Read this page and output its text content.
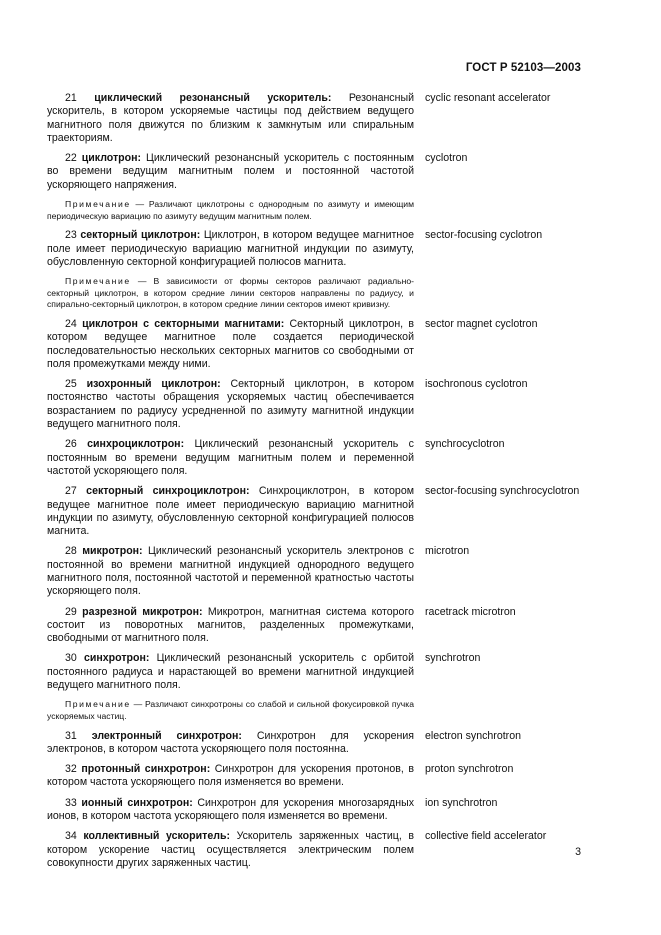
ГОСТ Р 52103—2003
21 циклический резонансный ускоритель: Резонансный ускоритель, в котором ускоряемые частицы под действием ведущего магнитного поля движутся по близким к замкнутым или спиральным траекториям.
cyclic resonant accelerator
22 циклотрон: Циклический резонансный ускоритель с постоянным во времени ведущим магнитным полем и постоянной частотой ускоряющего напряжения.
cyclotron
Примечание — Различают циклотроны с однородным по азимуту и имеющим периодическую вариацию по азимуту ведущим магнитным полем.
23 секторный циклотрон: Циклотрон, в котором ведущее магнитное поле имеет периодическую вариацию магнитной индукции по азимуту, обусловленную секторной конфигурацией полюсов магнита.
sector-focusing cyclotron
Примечание — В зависимости от формы секторов различают радиально-секторный циклотрон, в котором средние линии секторов направлены по радиусу, и спирально-секторный циклотрон, в котором средние линии секторов имеют кривизну.
24 циклотрон с секторными магнитами: Секторный циклотрон, в котором ведущее магнитное поле создается периодической последовательностью нескольких секторных магнитов со свободными от поля промежутками между ними.
sector magnet cyclotron
25 изохронный циклотрон: Секторный циклотрон, в котором постоянство частоты обращения ускоряемых частиц обеспечивается возрастанием по радиусу усредненной по азимуту магнитной индукции ведущего магнитного поля.
isochronous cyclotron
26 синхроциклотрон: Циклический резонансный ускоритель с постоянным во времени ведущим магнитным полем и переменной частотой ускоряющего поля.
synchrocyclotron
27 секторный синхроциклотрон: Синхроциклотрон, в котором ведущее магнитное поле имеет периодическую вариацию магнитной индукции по азимуту, обусловленную секторной конфигурацией полюсов магнита.
sector-focusing synchrocyclotron
28 микротрон: Циклический резонансный ускоритель электронов с постоянной во времени магнитной индукцией однородного ведущего магнитного поля, постоянной частотой и переменной кратностью частоты ускоряющего поля.
microtron
29 разрезной микротрон: Микротрон, магнитная система которого состоит из поворотных магнитов, разделенных промежутками, свободными от магнитного поля.
racetrack microtron
30 синхротрон: Циклический резонансный ускоритель с орбитой постоянного радиуса и нарастающей во времени магнитной индукцией ведущего магнитного поля.
synchrotron
Примечание — Различают синхротроны со слабой и сильной фокусировкой пучка ускоряемых частиц.
31 электронный синхротрон: Синхротрон для ускорения электронов, в котором частота ускоряющего поля постоянна.
electron synchrotron
32 протонный синхротрон: Синхротрон для ускорения протонов, в котором частота ускоряющего поля изменяется во времени.
proton synchrotron
33 ионный синхротрон: Синхротрон для ускорения многозарядных ионов, в котором частота ускоряющего поля изменяется во времени.
ion synchrotron
34 коллективный ускоритель: Ускоритель заряженных частиц, в котором ускорение частиц осуществляется электрическим полем совокупности других заряженных частиц.
collective field accelerator
3
